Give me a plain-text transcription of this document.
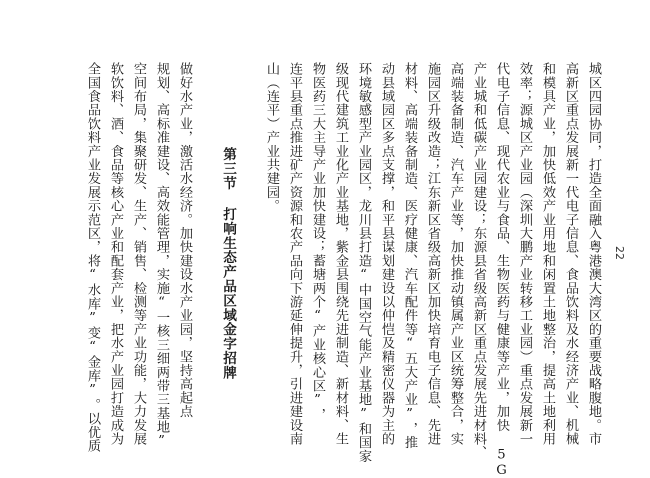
城区四园协同，打造全面融入粤港澳大湾区的重要战略腹地。市
高新区重点发展新一代电子信息、食品饮料及水经济产业、机械
和模具产业，加快低效产业用地和闲置土地整治，提高土地利用
效率；源城区产业园（深圳大鹏产业转移工业园）重点发展新一
代电子信息、现代农业与食品、生物医药与健康等产业，加快 5G
产业城和低碳产业园建设；东源县省级高新区重点发展先进材料、
高端装备制造、汽车产业等，加快推动镇属产业区统筹整合，实
施园区升级改造；江东新区省级高新区加快培育电子信息、先进
材料、高端装备制造、医疗健康、汽车配件等“五大产业”，推
动县域园区多点支撑，和平县谋划建设以仲恺及精密仪器为主的
环境敏感型产业园区，龙川县打造“中国空气能产业基地”和国家
级现代建筑工业化产业基地，紫金县围绕先进制造、新材料、生
物医药三大主导产业加快建设；蓄塘两个“产业核心区”，
连平县重点推进矿产资源和农产品向下游延伸提升，引进建设南
山（连平）产业共建园。
第三节 打响生态产品区域金字招牌
做好水产业，激活水经济。加快建设水产业园，坚持高起点
规划、高标准建设、高效能管理，实施“一核三细两带三基地”
空间布局，集聚研发、生产、销售、检测等产业功能，大力发展
软饮料、酒、食品等核心产业和配套产业，把水产业园打造成为
全国食品饮料产业发展示范区，将“水库”变“金库”。以优质	22
